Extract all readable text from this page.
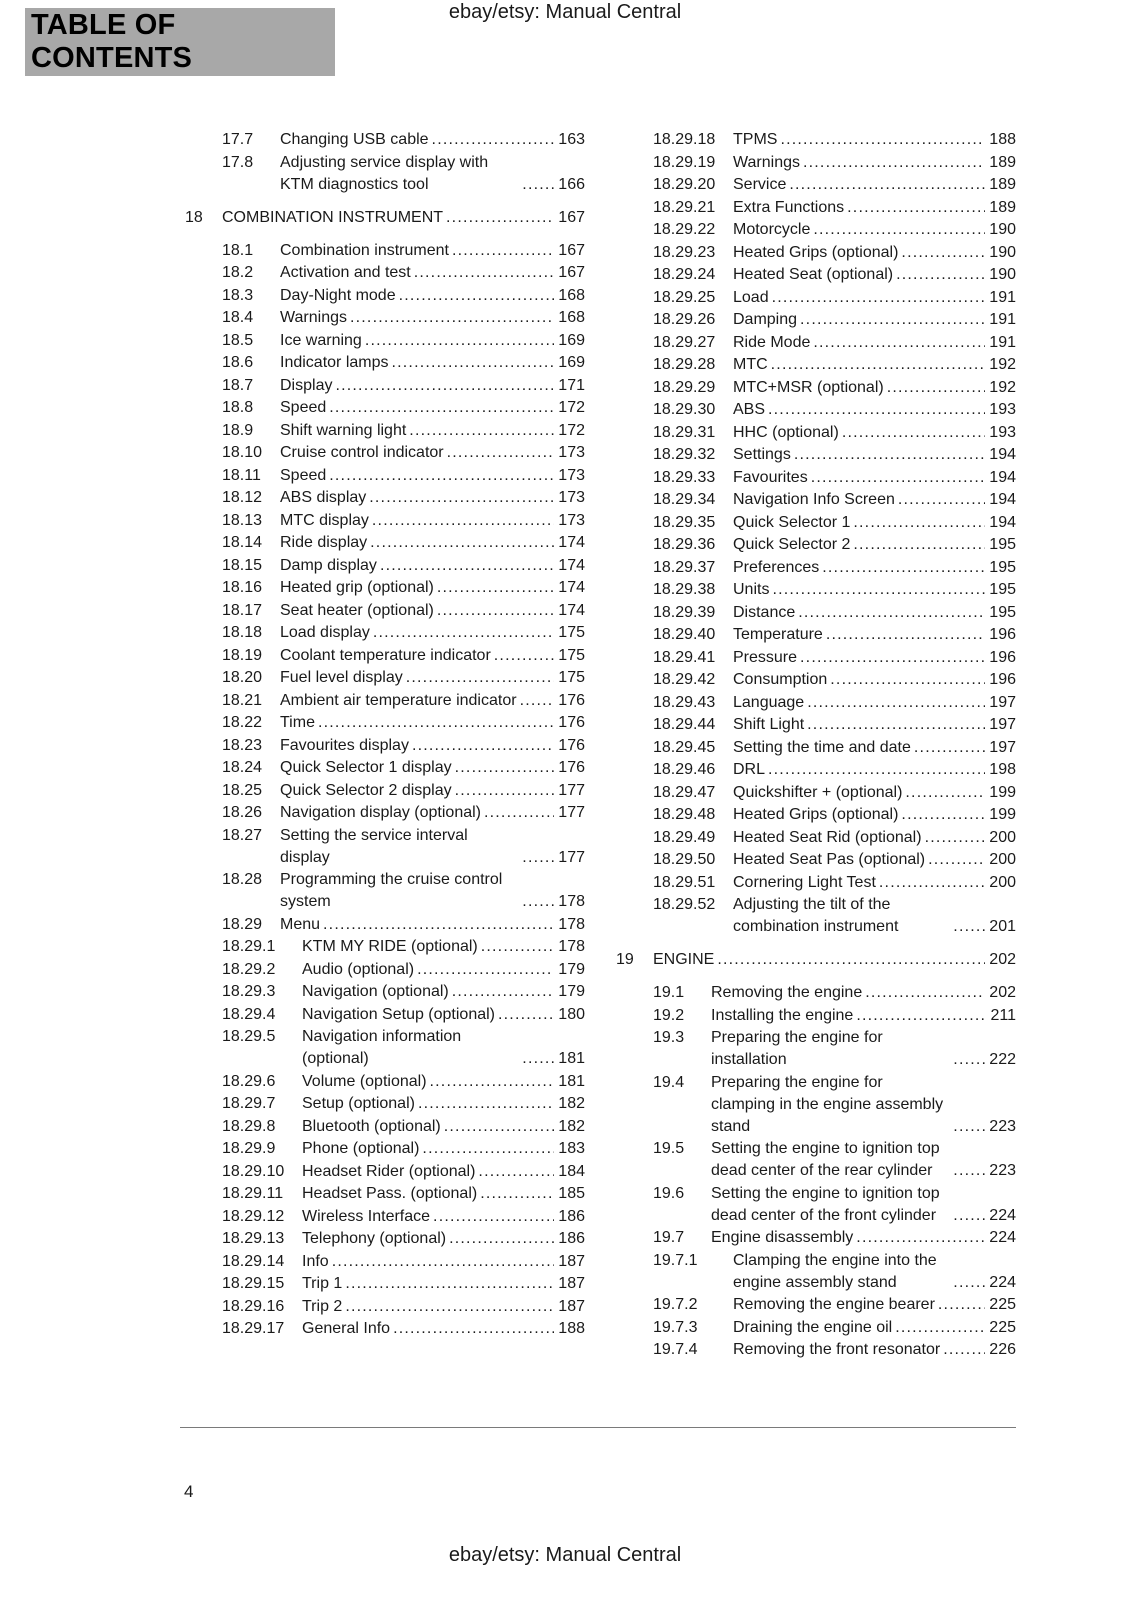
ebay/etsy: Manual Central
TABLE OF CONTENTS
17.7	Changing USB cable .....	163
17.8	Adjusting service display with KTM diagnostics tool .....	166
18	COMBINATION INSTRUMENT .....	167
18.1	Combination instrument .....	167
18.2	Activation and test .....	167
18.3	Day-Night mode .....	168
18.4	Warnings .....	168
18.5	Ice warning .....	169
18.6	Indicator lamps .....	169
18.7	Display .....	171
18.8	Speed .....	172
18.9	Shift warning light .....	172
18.10	Cruise control indicator .....	173
18.11	Speed .....	173
18.12	ABS display .....	173
18.13	MTC display .....	173
18.14	Ride display .....	174
18.15	Damp display .....	174
18.16	Heated grip (optional) .....	174
18.17	Seat heater (optional) .....	174
18.18	Load display .....	175
18.19	Coolant temperature indicator .....	175
18.20	Fuel level display .....	175
18.21	Ambient air temperature indicator .....	176
18.22	Time .....	176
18.23	Favourites display .....	176
18.24	Quick Selector 1 display .....	176
18.25	Quick Selector 2 display .....	177
18.26	Navigation display (optional) .....	177
18.27	Setting the service interval display .....	177
18.28	Programming the cruise control system .....	178
18.29	Menu .....	178
18.29.1	KTM MY RIDE (optional) .....	178
18.29.2	Audio (optional) .....	179
18.29.3	Navigation (optional) .....	179
18.29.4	Navigation Setup (optional) .....	180
18.29.5	Navigation information (optional) .....	181
18.29.6	Volume (optional) .....	181
18.29.7	Setup (optional) .....	182
18.29.8	Bluetooth (optional) .....	182
18.29.9	Phone (optional) .....	183
18.29.10	Headset Rider (optional) .....	184
18.29.11	Headset Pass. (optional) .....	185
18.29.12	Wireless Interface .....	186
18.29.13	Telephony (optional) .....	186
18.29.14	Info .....	187
18.29.15	Trip 1 .....	187
18.29.16	Trip 2 .....	187
18.29.17	General Info .....	188
18.29.18	TPMS .....	188
18.29.19	Warnings .....	189
18.29.20	Service .....	189
18.29.21	Extra Functions .....	189
18.29.22	Motorcycle .....	190
18.29.23	Heated Grips (optional) .....	190
18.29.24	Heated Seat (optional) .....	190
18.29.25	Load .....	191
18.29.26	Damping .....	191
18.29.27	Ride Mode .....	191
18.29.28	MTC .....	192
18.29.29	MTC+MSR (optional) .....	192
18.29.30	ABS .....	193
18.29.31	HHC (optional) .....	193
18.29.32	Settings .....	194
18.29.33	Favourites .....	194
18.29.34	Navigation Info Screen .....	194
18.29.35	Quick Selector 1 .....	194
18.29.36	Quick Selector 2 .....	195
18.29.37	Preferences .....	195
18.29.38	Units .....	195
18.29.39	Distance .....	195
18.29.40	Temperature .....	196
18.29.41	Pressure .....	196
18.29.42	Consumption .....	196
18.29.43	Language .....	197
18.29.44	Shift Light .....	197
18.29.45	Setting the time and date .....	197
18.29.46	DRL .....	198
18.29.47	Quickshifter + (optional) .....	199
18.29.48	Heated Grips (optional) .....	199
18.29.49	Heated Seat Rid (optional) .....	200
18.29.50	Heated Seat Pas (optional) .....	200
18.29.51	Cornering Light Test .....	200
18.29.52	Adjusting the tilt of the combination instrument .....	201
19	ENGINE .....	202
19.1	Removing the engine .....	202
19.2	Installing the engine .....	211
19.3	Preparing the engine for installation .....	222
19.4	Preparing the engine for clamping in the engine assembly stand .....	223
19.5	Setting the engine to ignition top dead center of the rear cylinder .....	223
19.6	Setting the engine to ignition top dead center of the front cylinder .....	224
19.7	Engine disassembly .....	224
19.7.1	Clamping the engine into the engine assembly stand .....	224
19.7.2	Removing the engine bearer .....	225
19.7.3	Draining the engine oil .....	225
19.7.4	Removing the front resonator .....	226
4
ebay/etsy: Manual Central
